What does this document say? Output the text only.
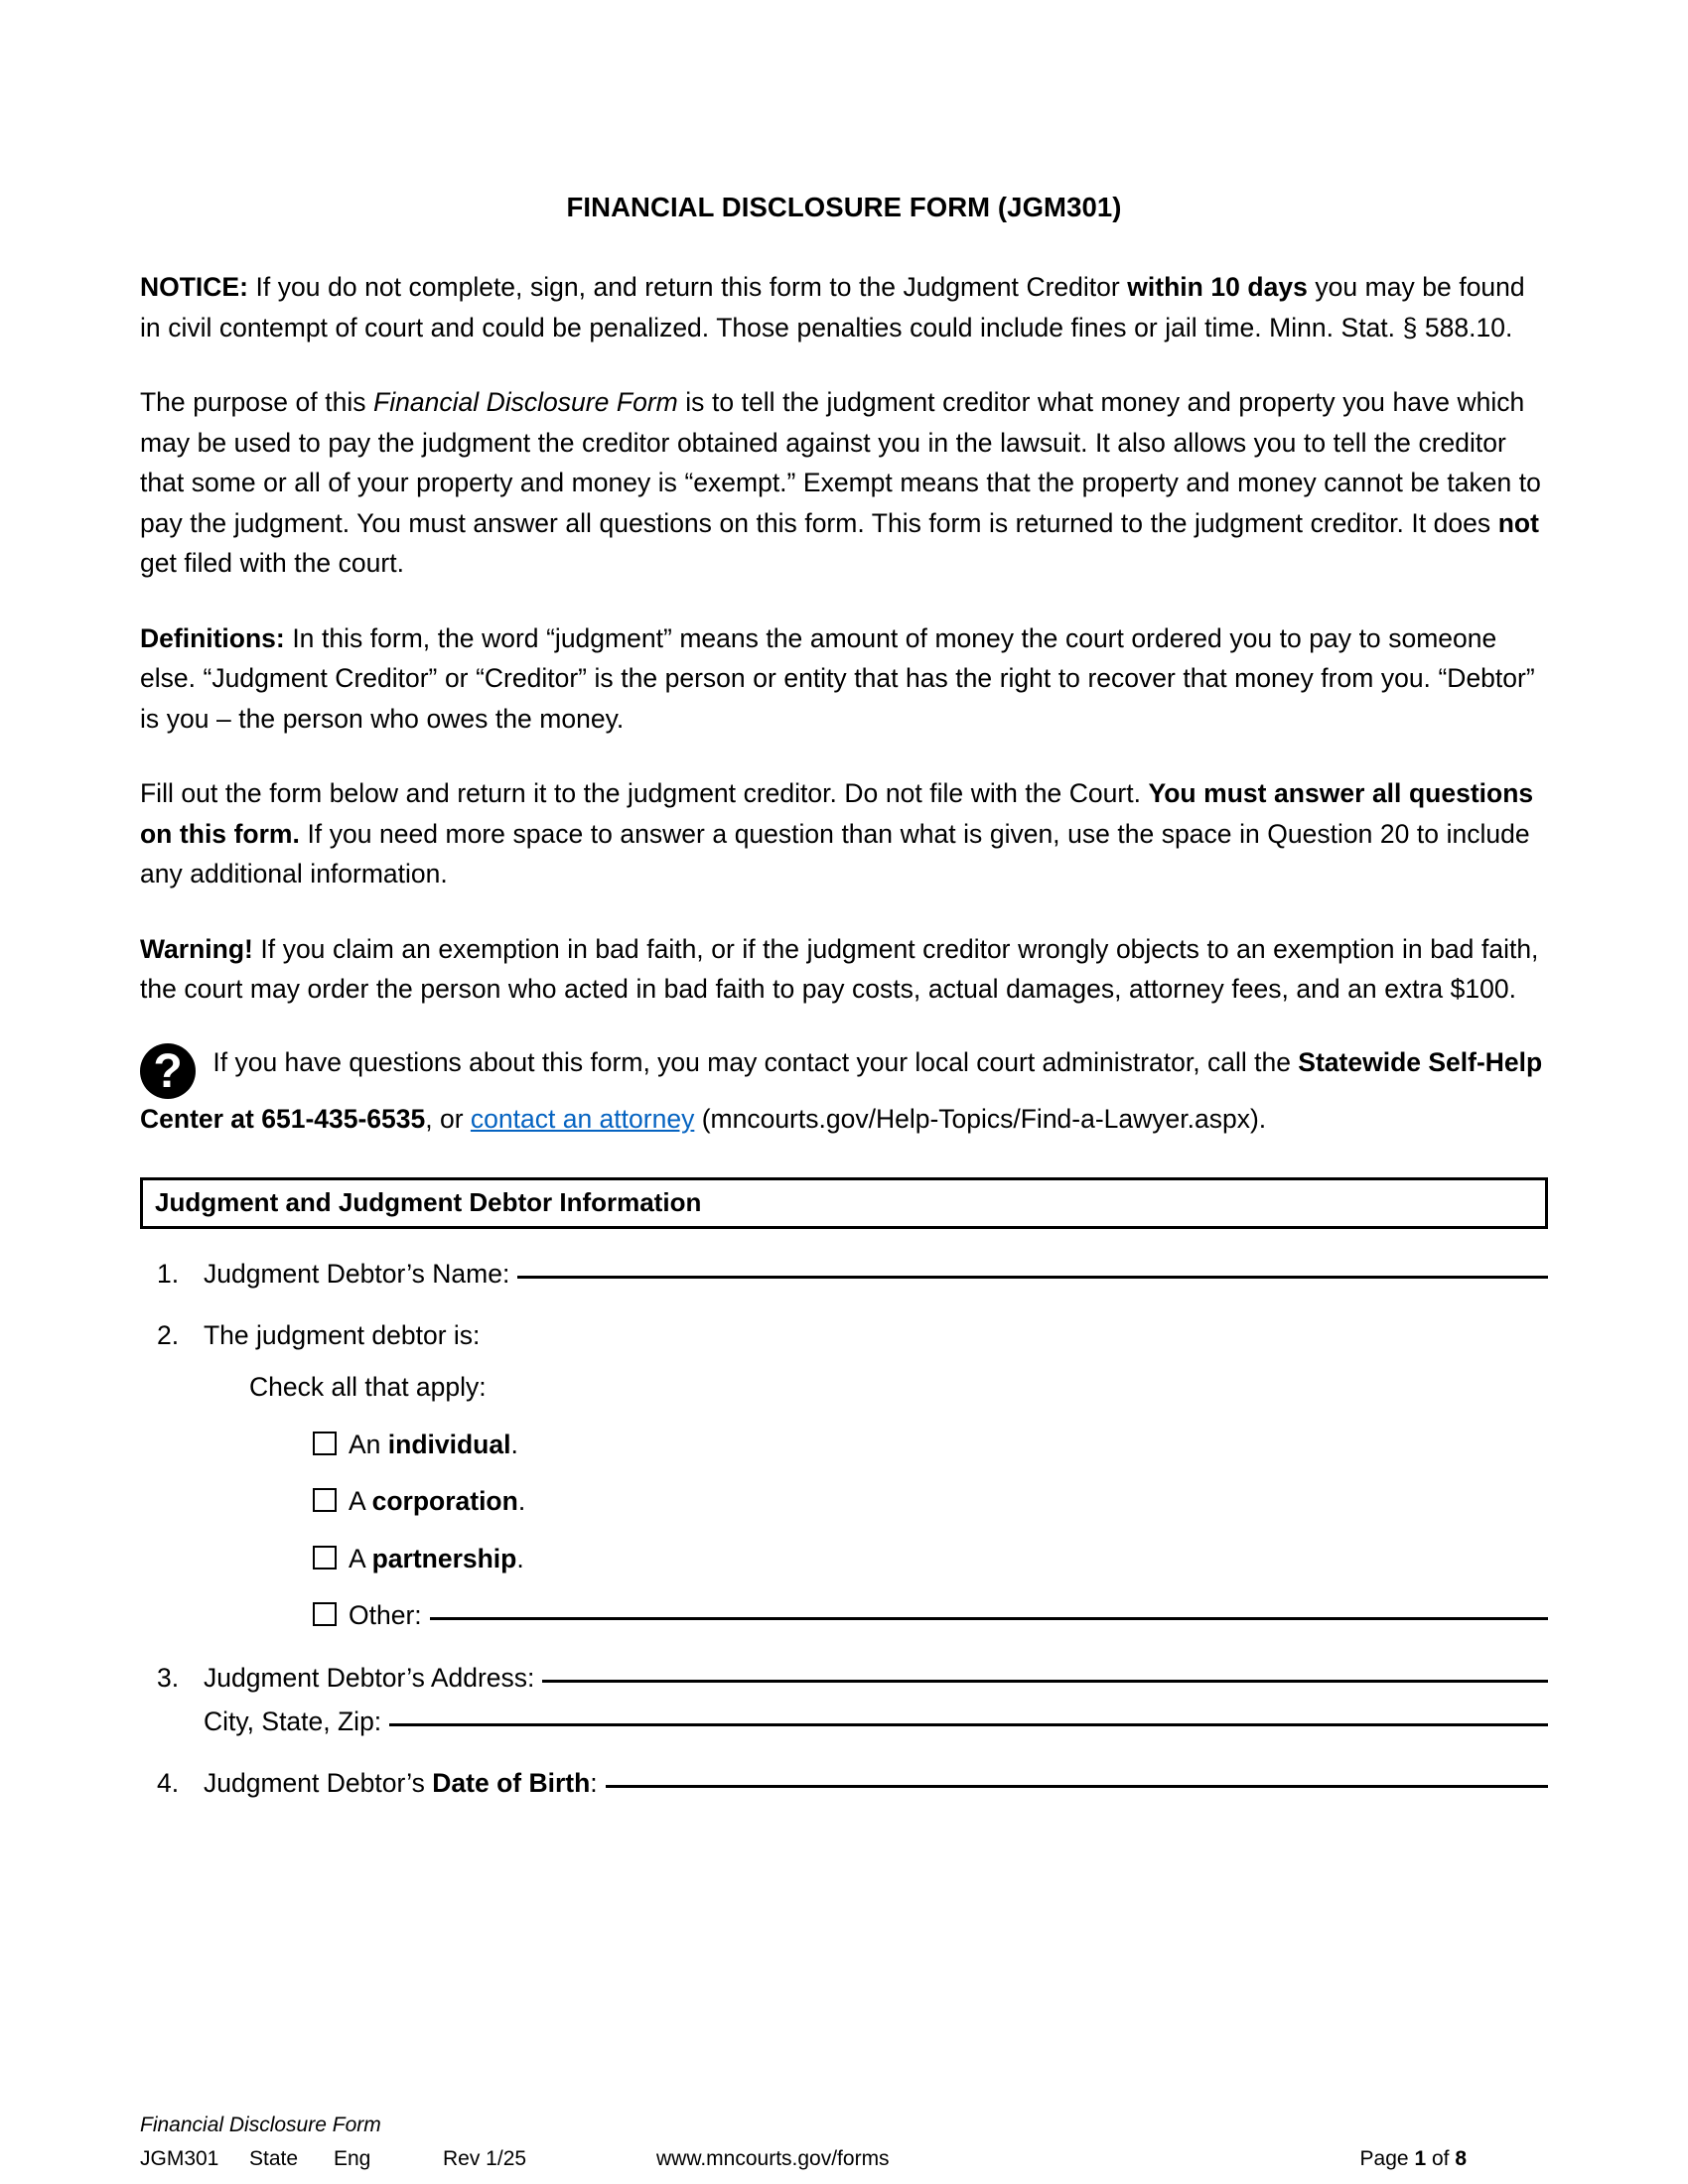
FINANCIAL DISCLOSURE FORM (JGM301)

NOTICE: If you do not complete, sign, and return this form to the Judgment Creditor within 10 days you may be found in civil contempt of court and could be penalized. Those penalties could include fines or jail time. Minn. Stat. § 588.10.

The purpose of this Financial Disclosure Form is to tell the judgment creditor what money and property you have which may be used to pay the judgment the creditor obtained against you in the lawsuit. It also allows you to tell the creditor that some or all of your property and money is “exempt.” Exempt means that the property and money cannot be taken to pay the judgment. You must answer all questions on this form. This form is returned to the judgment creditor. It does not get filed with the court.

Definitions: In this form, the word “judgment” means the amount of money the court ordered you to pay to someone else. “Judgment Creditor” or “Creditor” is the person or entity that has the right to recover that money from you. “Debtor” is you – the person who owes the money.

Fill out the form below and return it to the judgment creditor. Do not file with the Court. You must answer all questions on this form. If you need more space to answer a question than what is given, use the space in Question 20 to include any additional information.

Warning! If you claim an exemption in bad faith, or if the judgment creditor wrongly objects to an exemption in bad faith, the court may order the person who acted in bad faith to pay costs, actual damages, attorney fees, and an extra $100.

? If you have questions about this form, you may contact your local court administrator, call the Statewide Self-Help Center at 651-435-6535, or contact an attorney (mncourts.gov/Help-Topics/Find-a-Lawyer.aspx).
Judgment and Judgment Debtor Information
1. Judgment Debtor’s Name:
2. The judgment debtor is:
Check all that apply:
An individual.
A corporation.
A partnership.
Other:
3. Judgment Debtor’s Address:
City, State, Zip:
4. Judgment Debtor’s Date of Birth:
Financial Disclosure Form
JGM301	State	Eng	Rev 1/25	www.mncourts.gov/forms	Page 1 of 8
